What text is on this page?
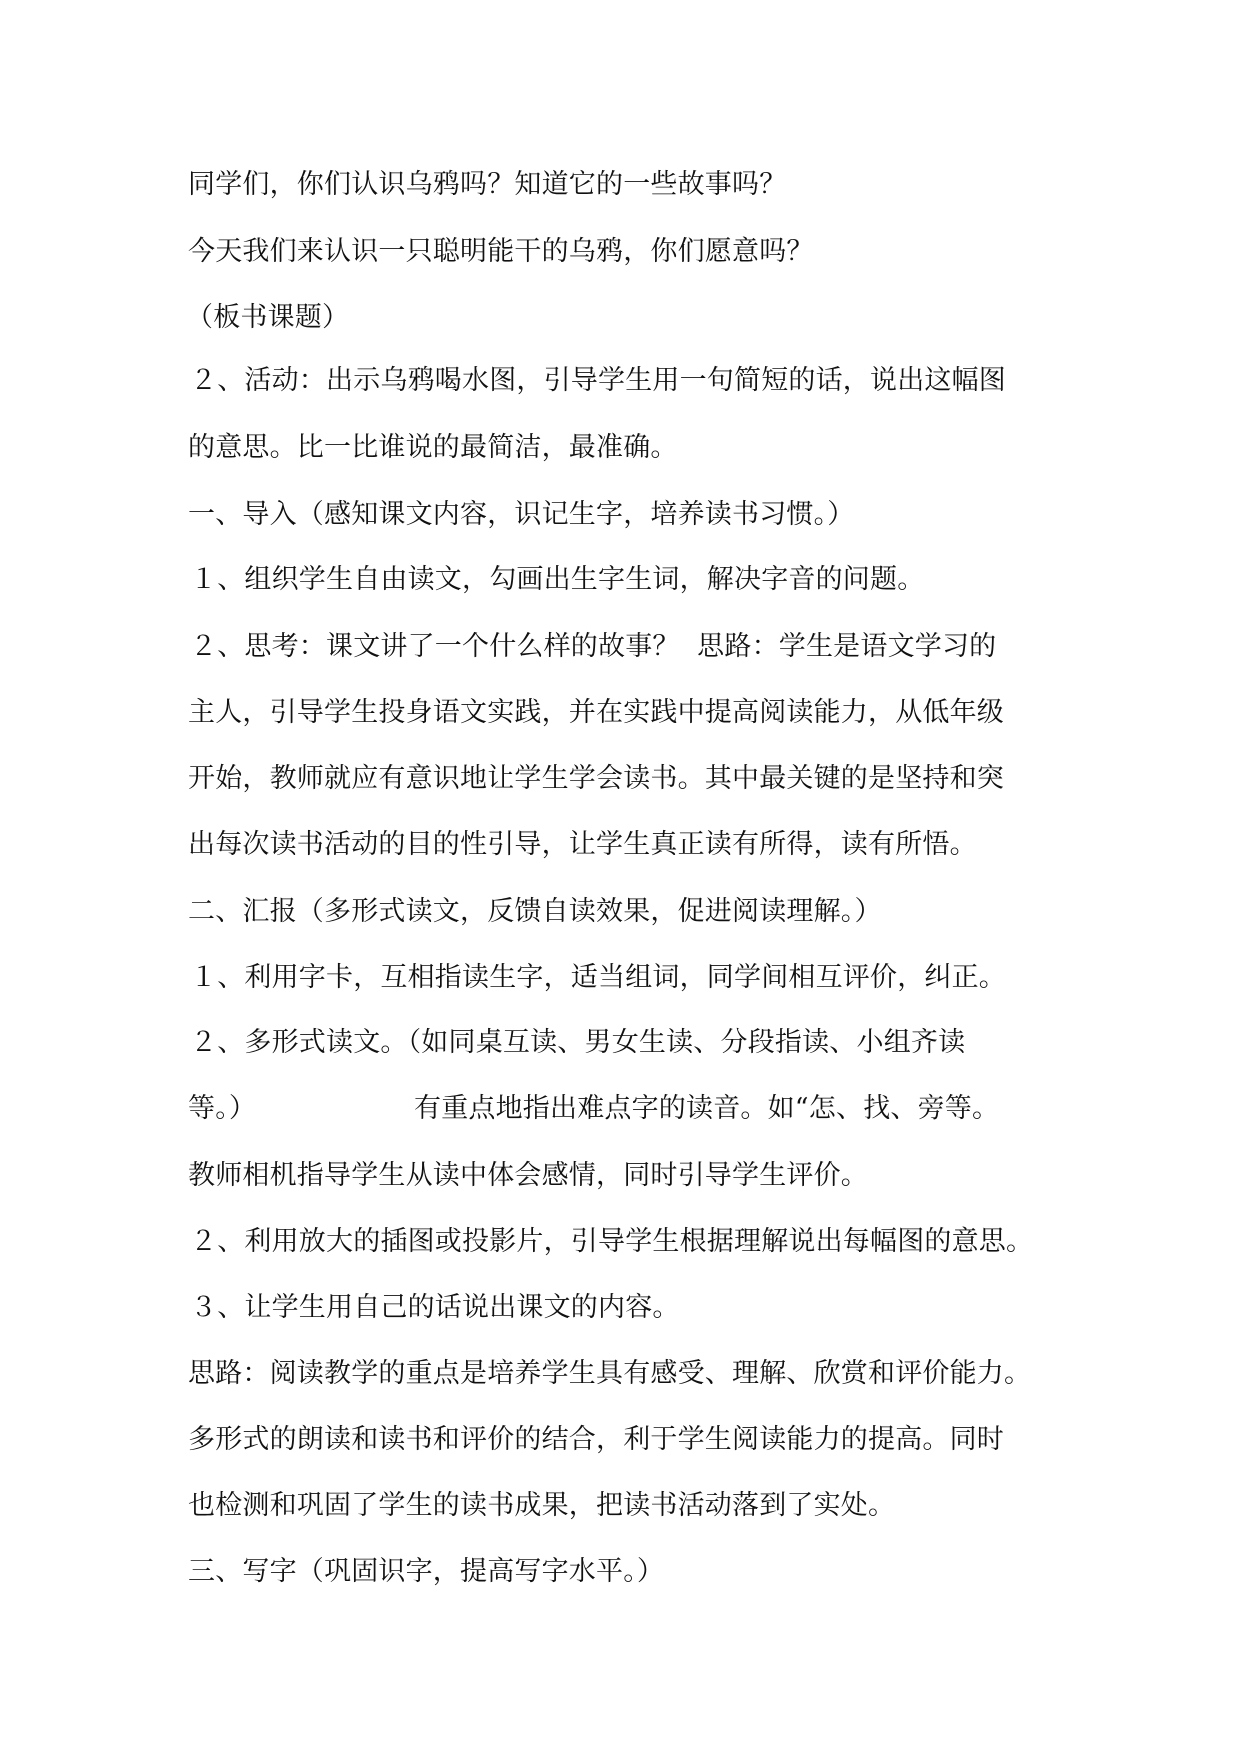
同学们，你们认识乌鸦吗？知道它的一些故事吗？
今天我们来认识一只聪明能干的乌鸦，你们愿意吗？
（板书课题）
２、活动：出示乌鸦喝水图，引导学生用一句简短的话，说出这幅图
的意思。比一比谁说的最简洁，最准确。
一、导入（感知课文内容，识记生字，培养读书习惯。）
１、组织学生自由读文，勾画出生字生词，解决字音的问题。
２、思考：课文讲了一个什么样的故事？  思路：学生是语文学习的
主人，引导学生投身语文实践，并在实践中提高阅读能力，从低年级
开始，教师就应有意识地让学生学会读书。其中最关键的是坚持和突
出每次读书活动的目的性引导，让学生真正读有所得，读有所悟。
二、汇报（多形式读文，反馈自读效果，促进阅读理解。）
１、利用字卡，互相指读生字，适当组词，同学间相互评价，纠正。
２、多形式读文。（如同桌互读、男女生读、分段指读、小组齐读
等。）	有重点地指出难点字的读音。如“怎、找、旁等。
教师相机指导学生从读中体会感情，同时引导学生评价。
２、利用放大的插图或投影片，引导学生根据理解说出每幅图的意思。
３、让学生用自己的话说出课文的内容。
思路：阅读教学的重点是培养学生具有感受、理解、欣赏和评价能力。
多形式的朗读和读书和评价的结合，利于学生阅读能力的提高。同时
也检测和巩固了学生的读书成果，把读书活动落到了实处。
三、写字（巩固识字，提高写字水平。）
